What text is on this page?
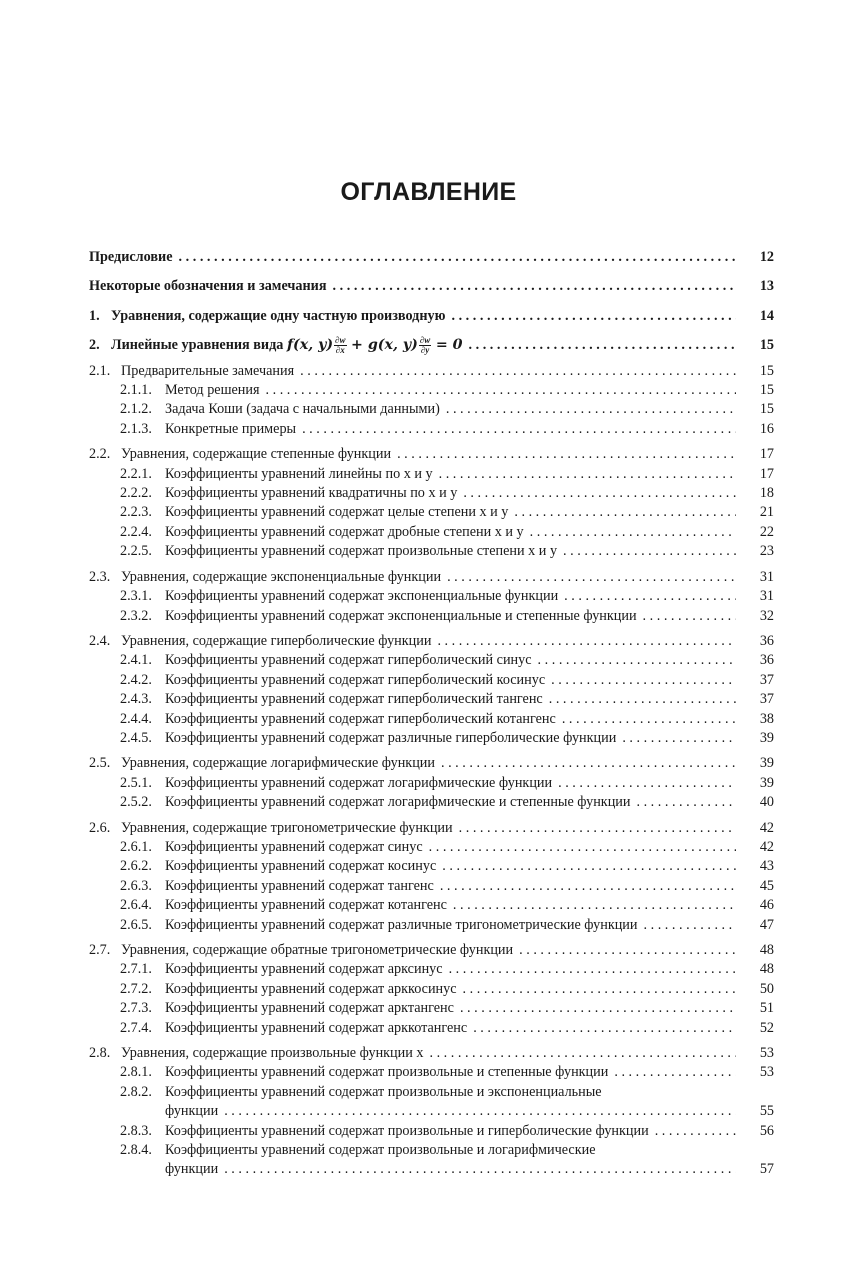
ОГЛАВЛЕНИЕ
Предисловие . . .	12
Некоторые обозначения и замечания . . .	13
1. Уравнения, содержащие одну частную производную . . .	14
2. Линейные уравнения вида f(x, $y) \frac{\partial w}{\partial x} + g(x$, $y) \frac{\partial w}{\partial y} = 0$ . . .	15
2.1. Предварительные замечания . . .	15
2.1.1. Метод решения . . .	15
2.1.2. Задача Коши (задача с начальными данными) . . .	15
2.1.3. Конкретные примеры . . .	16
2.2. Уравнения, содержащие степенные функции . . .	17
2.2.1. Коэффициенты уравнений линейны по x и y . . .	17
2.2.2. Коэффициенты уравнений квадратичны по x и y . . .	18
2.2.3. Коэффициенты уравнений содержат целые степени x и y . . .	21
2.2.4. Коэффициенты уравнений содержат дробные степени x и y . . .	22
2.2.5. Коэффициенты уравнений содержат произвольные степени x и y . . .	23
2.3. Уравнения, содержащие экспоненциальные функции . . .	31
2.3.1. Коэффициенты уравнений содержат экспоненциальные функции . . .	31
2.3.2. Коэффициенты уравнений содержат экспоненциальные и степенные функции . . .	32
2.4. Уравнения, содержащие гиперболические функции . . .	36
2.4.1. Коэффициенты уравнений содержат гиперболический синус . . .	36
2.4.2. Коэффициенты уравнений содержат гиперболический косинус . . .	37
2.4.3. Коэффициенты уравнений содержат гиперболический тангенс . . .	37
2.4.4. Коэффициенты уравнений содержат гиперболический котангенс . . .	38
2.4.5. Коэффициенты уравнений содержат различные гиперболические функции . . .	39
2.5. Уравнения, содержащие логарифмические функции . . .	39
2.5.1. Коэффициенты уравнений содержат логарифмические функции . . .	39
2.5.2. Коэффициенты уравнений содержат логарифмические и степенные функции . . .	40
2.6. Уравнения, содержащие тригонометрические функции . . .	42
2.6.1. Коэффициенты уравнений содержат синус . . .	42
2.6.2. Коэффициенты уравнений содержат косинус . . .	43
2.6.3. Коэффициенты уравнений содержат тангенс . . .	45
2.6.4. Коэффициенты уравнений содержат котангенс . . .	46
2.6.5. Коэффициенты уравнений содержат различные тригонометрические функции . . .	47
2.7. Уравнения, содержащие обратные тригонометрические функции . . .	48
2.7.1. Коэффициенты уравнений содержат арксинус . . .	48
2.7.2. Коэффициенты уравнений содержат арккосинус . . .	50
2.7.3. Коэффициенты уравнений содержат арктангенс . . .	51
2.7.4. Коэффициенты уравнений содержат арккотангенс . . .	52
2.8. Уравнения, содержащие произвольные функции x . . .	53
2.8.1. Коэффициенты уравнений содержат произвольные и степенные функции . . .	53
2.8.2. Коэффициенты уравнений содержат произвольные и экспоненциальные
функции . . .	55
2.8.3. Коэффициенты уравнений содержат произвольные и гиперболические функции . . .	56
2.8.4. Коэффициенты уравнений содержат произвольные и логарифмические
функции . . .	57
